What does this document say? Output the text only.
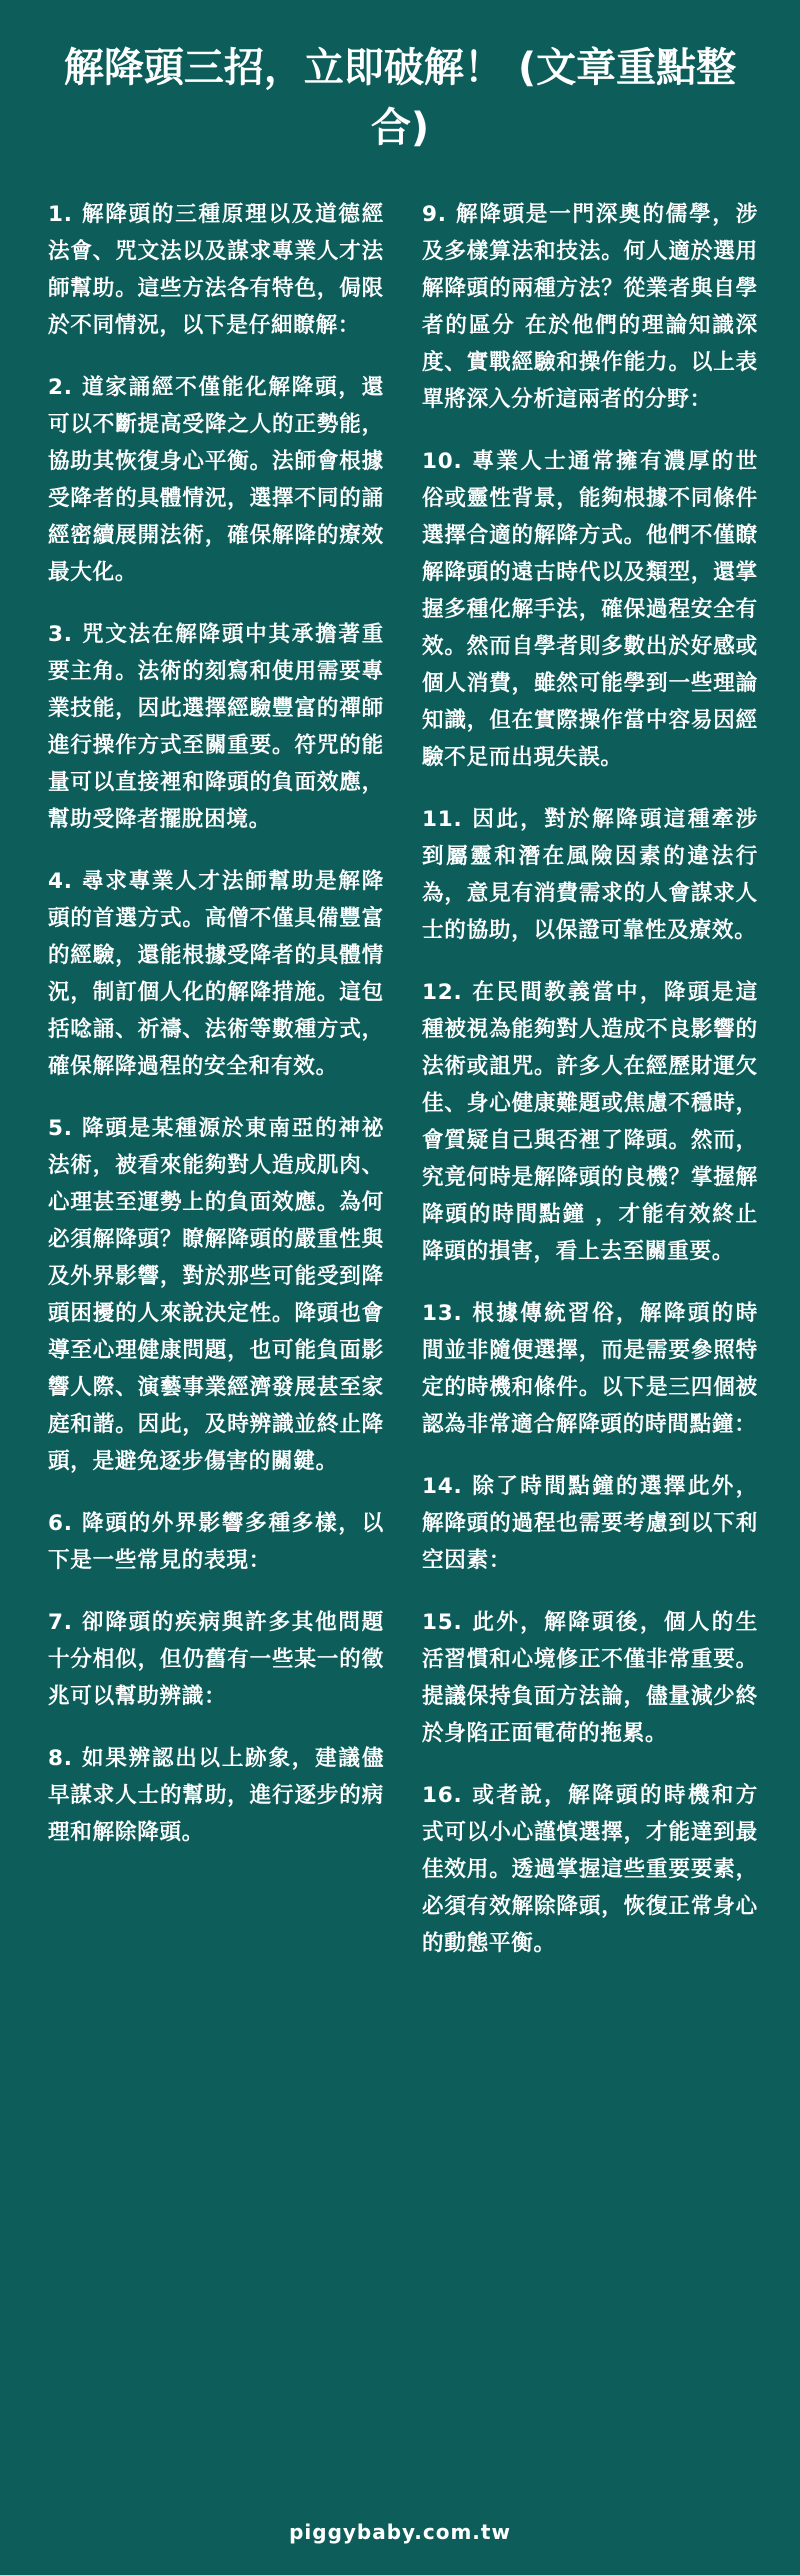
解降頭三招，立即破解！ (文章重點整合)

1. 解降頭的三種原理以及道德經法會、咒文法以及謀求專業人才法師幫助。這些方法各有特色，侷限於不同情況，以下是仔細瞭解：

2. 道家誦經不僅能化解降頭，還可以不斷提高受降之人的正勢能，協助其恢復身心平衡。法師會根據受降者的具體情況，選擇不同的誦經密續展開法術，確保解降的療效最大化。

3. 咒文法在解降頭中其承擔著重要主角。法術的刻寫和使用需要專業技能，因此選擇經驗豐富的禪師進行操作方式至關重要。符咒的能量可以直接裡和降頭的負面效應，幫助受降者擺脫困境。

4. 尋求專業人才法師幫助是解降頭的首選方式。高僧不僅具備豐富的經驗，還能根據受降者的具體情況，制訂個人化的解降措施。這包括唸誦、祈禱、法術等數種方式，確保解降過程的安全和有效。

5. 降頭是某種源於東南亞的神祕法術，被看來能夠對人造成肌肉、心理甚至運勢上的負面效應。為何必須解降頭？瞭解降頭的嚴重性與及外界影響，對於那些可能受到降頭困擾的人來說決定性。降頭也會導至心理健康問題，也可能負面影響人際、演藝事業經濟發展甚至家庭和諧。因此，及時辨識並終止降頭，是避免逐步傷害的關鍵。

6. 降頭的外界影響多種多樣，以下是一些常見的表現：

7. 卻降頭的疾病與許多其他問題十分相似，但仍舊有一些某一的徵兆可以幫助辨識：

8. 如果辨認出以上跡象，建議儘早謀求人士的幫助，進行逐步的病理和解除降頭。

9. 解降頭是一門深奧的儒學，涉及多樣算法和技法。何人適於選用解降頭的兩種方法？從業者與自學者的區分 在於他們的理論知識深度、實戰經驗和操作能力。以上表單將深入分析這兩者的分野：

10. 專業人士通常擁有濃厚的世俗或靈性背景，能夠根據不同條件選擇合適的解降方式。他們不僅瞭解降頭的遠古時代以及類型，還掌握多種化解手法，確保過程安全有效。然而自學者則多數出於好感或個人消費，雖然可能學到一些理論知識，但在實際操作當中容易因經驗不足而出現失誤。

11. 因此，對於解降頭這種牽涉到屬靈和潛在風險因素的違法行為，意見有消費需求的人會謀求人士的協助，以保證可靠性及療效。

12. 在民間教義當中，降頭是這種被視為能夠對人造成不良影響的法術或詛咒。許多人在經歷財運欠佳、身心健康難題或焦慮不穩時，會質疑自己與否裡了降頭。然而，究竟何時是解降頭的良機？掌握解降頭的時間點鐘 ，才能有效終止降頭的損害，看上去至關重要。

13. 根據傳統習俗，解降頭的時間並非隨便選擇，而是需要參照特定的時機和條件。以下是三四個被認為非常適合解降頭的時間點鐘：

14. 除了時間點鐘的選擇此外，解降頭的過程也需要考慮到以下利空因素：

15. 此外，解降頭後，個人的生活習慣和心境修正不僅非常重要。提議保持負面方法論，儘量減少終於身陷正面電荷的拖累。

16. 或者說，解降頭的時機和方式可以小心謹慎選擇，才能達到最佳效用。透過掌握這些重要要素，必須有效解除降頭，恢復正常身心的動態平衡。

piggybaby.com.tw
